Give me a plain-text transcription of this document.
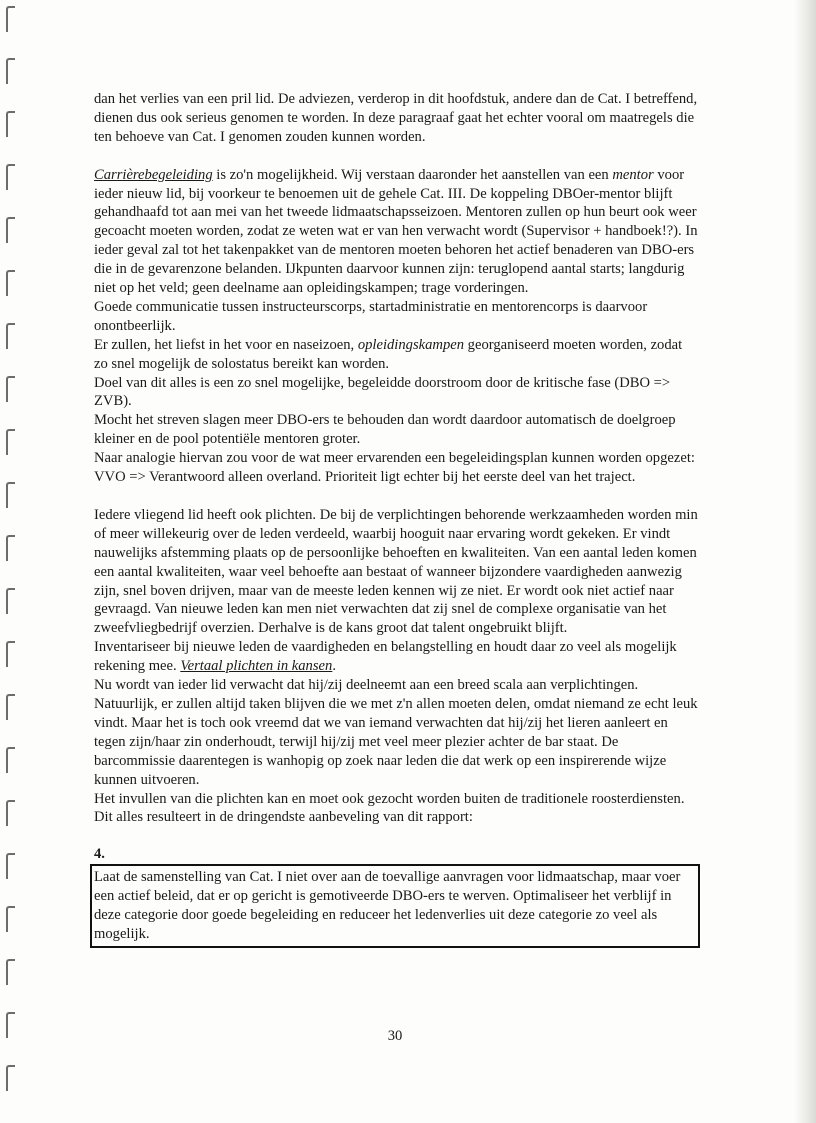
dan het verlies van een pril lid. De adviezen, verderop in dit hoofdstuk, andere dan de Cat. I betreffend, dienen dus ook serieus genomen te worden. In deze paragraaf gaat het echter vooral om maatregels die ten behoeve van Cat. I genomen zouden kunnen worden.

Carrièrebegeleiding is zo'n mogelijkheid. Wij verstaan daaronder het aanstellen van een mentor voor ieder nieuw lid, bij voorkeur te benoemen uit de gehele Cat. III. De koppeling DBOer-mentor blijft gehandhaafd tot aan mei van het tweede lidmaatschapsseizoen. Mentoren zullen op hun beurt ook weer gecoacht moeten worden, zodat ze weten wat er van hen verwacht wordt (Supervisor + handboek!?). In ieder geval zal tot het takenpakket van de mentoren moeten behoren het actief benaderen van DBO-ers die in de gevarenzone belanden. IJkpunten daarvoor kunnen zijn: teruglopend aantal starts; langdurig niet op het veld; geen deelname aan opleidingskampen; trage vorderingen.

Goede communicatie tussen instructeurscorps, startadministratie en mentorencorps is daarvoor onontbeerlijk.

Er zullen, het liefst in het voor en naseizoen, opleidingskampen georganiseerd moeten worden, zodat zo snel mogelijk de solostatus bereikt kan worden.

Doel van dit alles is een zo snel mogelijke, begeleidde doorstroom door de kritische fase (DBO => ZVB).

Mocht het streven slagen meer DBO-ers te behouden dan wordt daardoor automatisch de doelgroep kleiner en de pool potentiële mentoren groter.

Naar analogie hiervan zou voor de wat meer ervarenden een begeleidingsplan kunnen worden opgezet: VVO => Verantwoord alleen overland. Prioriteit ligt echter bij het eerste deel van het traject.

Iedere vliegend lid heeft ook plichten. De bij de verplichtingen behorende werkzaamheden worden min of meer willekeurig over de leden verdeeld, waarbij hooguit naar ervaring wordt gekeken. Er vindt nauwelijks afstemming plaats op de persoonlijke behoeften en kwaliteiten. Van een aantal leden komen een aantal kwaliteiten, waar veel behoefte aan bestaat of wanneer bijzondere vaardigheden aanwezig zijn, snel boven drijven, maar van de meeste leden kennen wij ze niet. Er wordt ook niet actief naar gevraagd. Van nieuwe leden kan men niet verwachten dat zij snel de complexe organisatie van het zweefvliegbedrijf overzien. Derhalve is de kans groot dat talent ongebruikt blijft.

Inventariseer bij nieuwe leden de vaardigheden en belangstelling en houdt daar zo veel als mogelijk rekening mee. Vertaal plichten in kansen.

Nu wordt van ieder lid verwacht dat hij/zij deelneemt aan een breed scala aan verplichtingen. Natuurlijk, er zullen altijd taken blijven die we met z'n allen moeten delen, omdat niemand ze echt leuk vindt. Maar het is toch ook vreemd dat we van iemand verwachten dat hij/zij het lieren aanleert en tegen zijn/haar zin onderhoudt, terwijl hij/zij met veel meer plezier achter de bar staat. De barcommissie daarentegen is wanhopig op zoek naar leden die dat werk op een inspirerende wijze kunnen uitvoeren.

Het invullen van die plichten kan en moet ook gezocht worden buiten de traditionele roosterdiensten.

Dit alles resulteert in de dringendste aanbeveling van dit rapport:

4.

Laat de samenstelling van Cat. I niet over aan de toevallige aanvragen voor lidmaatschap, maar voer een actief beleid, dat er op gericht is gemotiveerde DBO-ers te werven. Optimaliseer het verblijf in deze categorie door goede begeleiding en reduceer het ledenverlies uit deze categorie zo veel als mogelijk.

30
